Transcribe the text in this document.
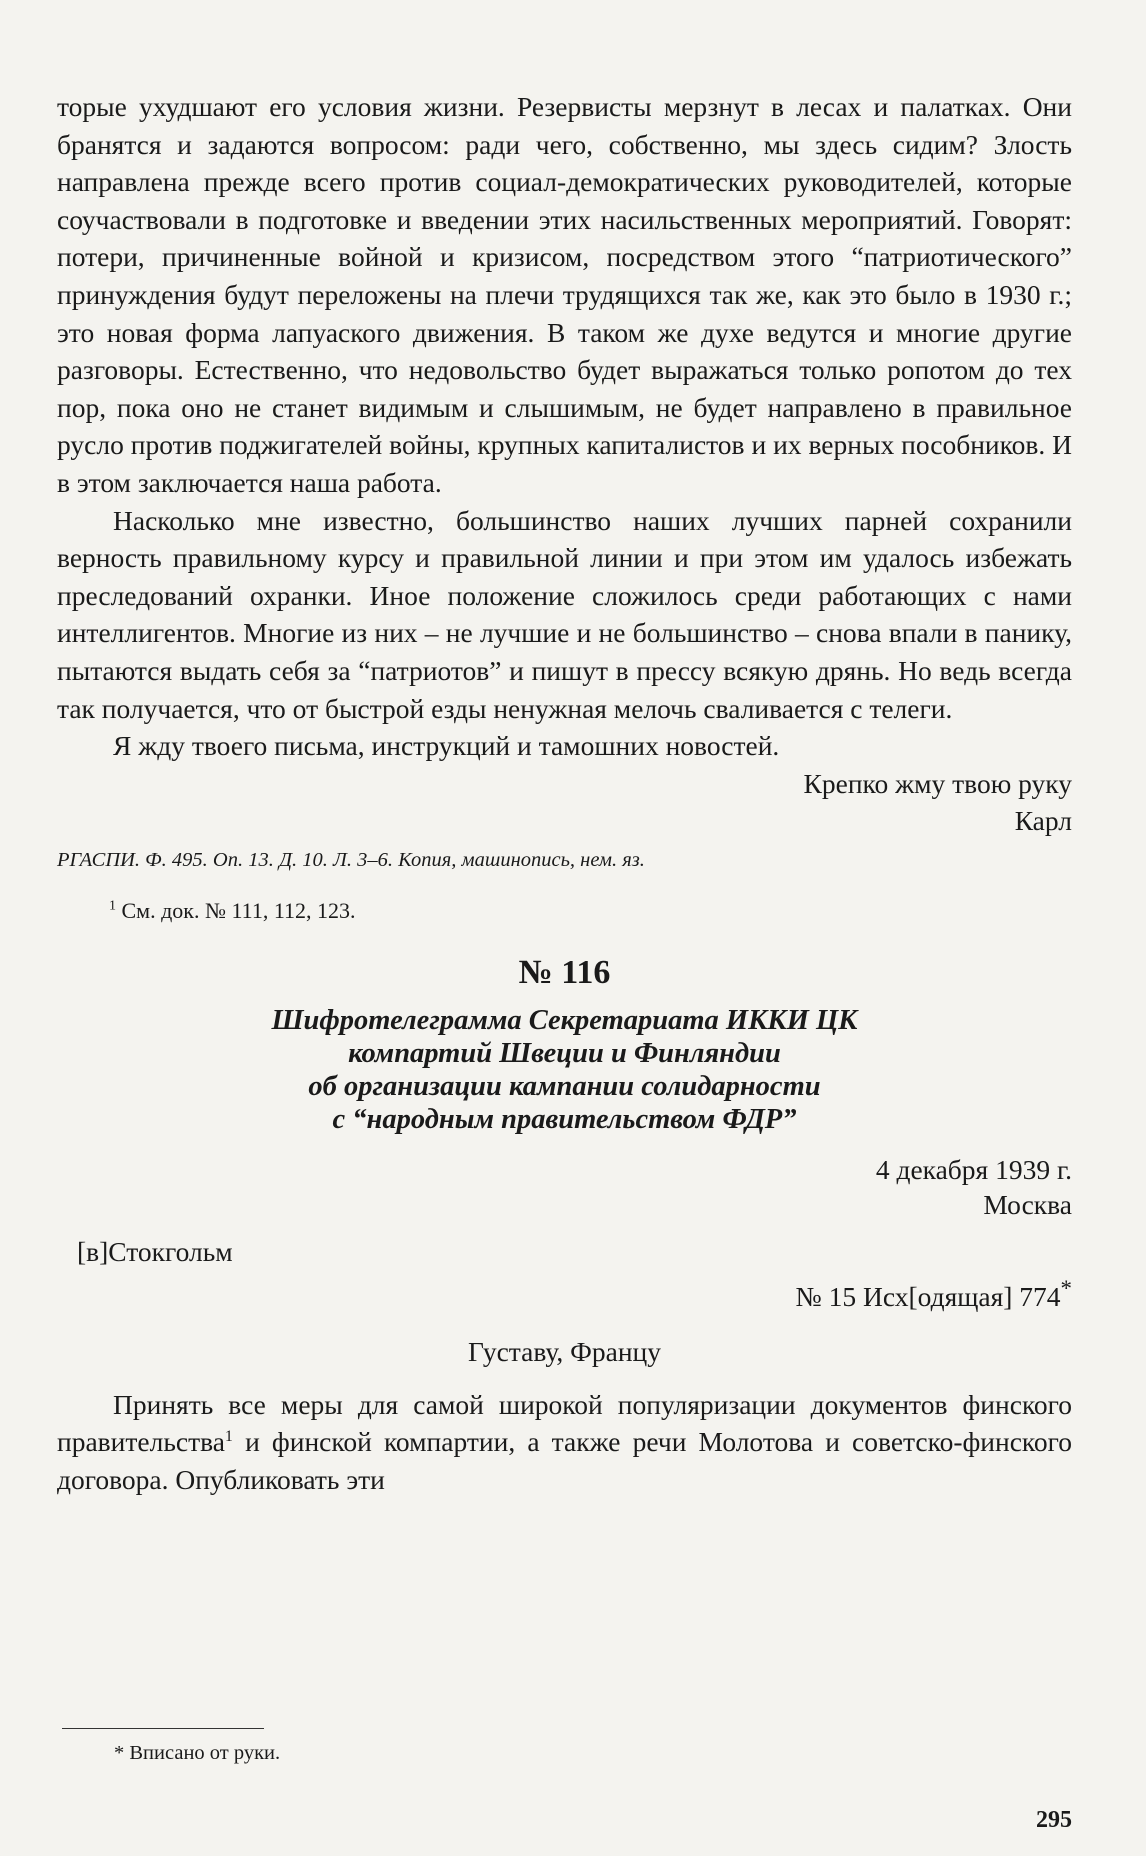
торые ухудшают его условия жизни. Резервисты мерзнут в лесах и палатках. Они бранятся и задаются вопросом: ради чего, собственно, мы здесь сидим? Злость направлена прежде всего против социал-демократических руководителей, которые соучаствовали в подготовке и введении этих насильственных мероприятий. Говорят: потери, причиненные войной и кризисом, посредством этого “патриотического” принуждения будут переложены на плечи трудящихся так же, как это было в 1930 г.; это новая форма лапуаского движения. В таком же духе ведутся и многие другие разговоры. Естественно, что недовольство будет выражаться только ропотом до тех пор, пока оно не станет видимым и слышимым, не будет направлено в правильное русло против поджигателей войны, крупных капиталистов и их верных пособников. И в этом заключается наша работа.

Насколько мне известно, большинство наших лучших парней сохранили верность правильному курсу и правильной линии и при этом им удалось избежать преследований охранки. Иное положение сложилось среди работающих с нами интеллигентов. Многие из них – не лучшие и не большинство – снова впали в панику, пытаются выдать себя за “патриотов” и пишут в прессу всякую дрянь. Но ведь всегда так получается, что от быстрой езды ненужная мелочь сваливается с телеги.

Я жду твоего письма, инструкций и тамошних новостей.

Крепко жму твою руку
Карл
РГАСПИ. Ф. 495. Оп. 13. Д. 10. Л. 3–6. Копия, машинопись, нем. яз.
$^1$ См. док. № 111, 112, 123.
№ 116

Шифротелеграмма Секретариата ИККИ ЦК

компартий Швеции и Финляндии

об организации кампании солидарности

с “народным правительством ФДР”

4 декабря 1939 г.
Москва
[в]Стокгольм
№ 15 Исх[одящая] 774*
Густаву, Францу

Принять все меры для самой широкой популяризации документов финского правительства$^1$ и финской компартии, а также речи Молотова и советско-финского договора. Опубликовать эти

* Вписано от руки.
295
